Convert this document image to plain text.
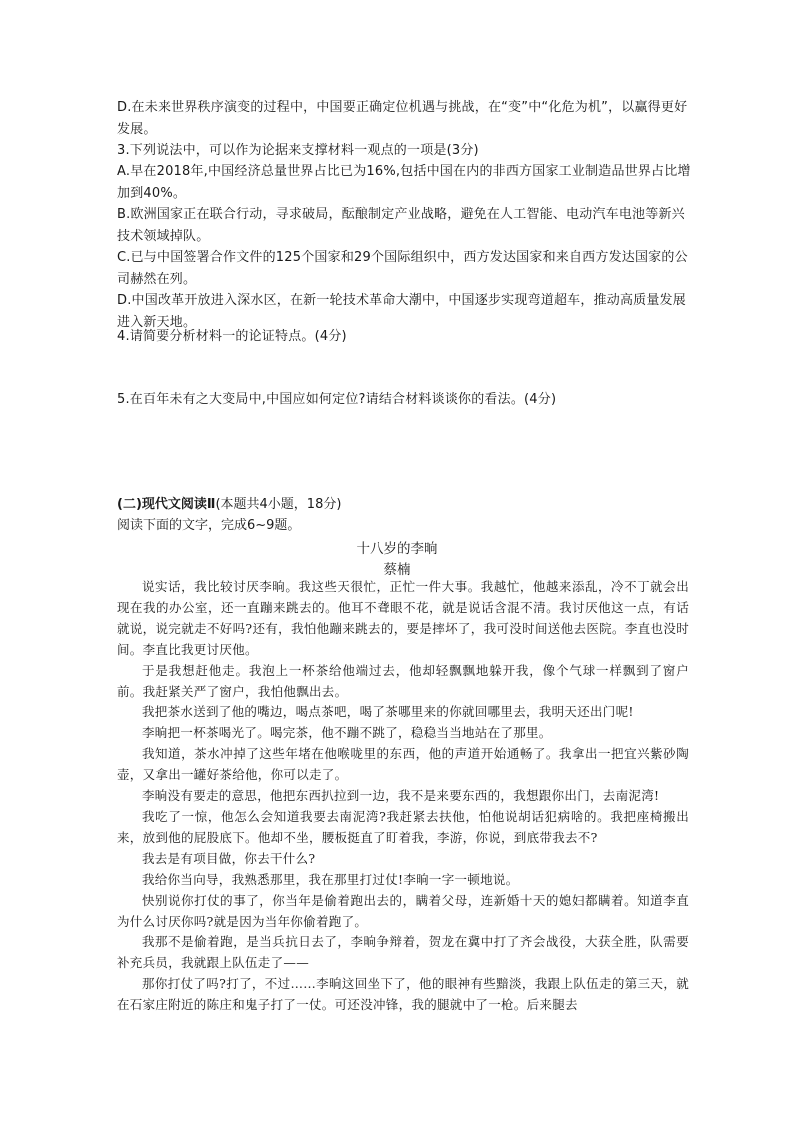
D.在未来世界秩序演变的过程中，中国要正确定位机遇与挑战，在“变”中“化危为机”，以赢得更好发展。
3.下列说法中，可以作为论据来支撑材料一观点的一项是(3分)
A.早在2018年,中国经济总量世界占比已为16%,包括中国在内的非西方国家工业制造品世界占比增加到40%。
B.欧洲国家正在联合行动，寻求破局，酝酿制定产业战略，避免在人工智能、电动汽车电池等新兴技术领域掉队。
C.已与中国签署合作文件的125个国家和29个国际组织中，西方发达国家和来自西方发达国家的公司赫然在列。
D.中国改革开放进入深水区，在新一轮技术革命大潮中，中国逐步实现弯道超车，推动高质量发展进入新天地。
4.请简要分析材料一的论证特点。(4分)
5.在百年未有之大变局中,中国应如何定位?请结合材料谈谈你的看法。(4分)
(二)现代文阅读Ⅱ(本题共4小题，18分)
阅读下面的文字，完成6~9题。
十八岁的李晌
蔡楠

说实话，我比较讨厌李晌。我这些天很忙，正忙一件大事。我越忙，他越来添乱，冷不丁就会出现在我的办公室，还一直蹦来跳去的。他耳不聋眼不花，就是说话含混不清。我讨厌他这一点，有话就说，说完就走不好吗?还有，我怕他蹦来跳去的，要是摔坏了，我可没时间送他去医院。李直也没时间。李直比我更讨厌他。

于是我想赶他走。我泡上一杯茶给他端过去，他却轻飘飘地躲开我，像个气球一样飘到了窗户前。我赶紧关严了窗户，我怕他飘出去。

我把茶水送到了他的嘴边，喝点茶吧，喝了茶哪里来的你就回哪里去，我明天还出门呢!

李晌把一杯茶喝光了。喝完茶，他不蹦不跳了，稳稳当当地站在了那里。

我知道，茶水冲掉了这些年堵在他喉咙里的东西，他的声道开始通畅了。我拿出一把宜兴紫砂陶壶，又拿出一罐好茶给他，你可以走了。

李晌没有要走的意思，他把东西扒拉到一边，我不是来要东西的，我想跟你出门，去南泥湾!

我吃了一惊，他怎么会知道我要去南泥湾?我赶紧去扶他，怕他说胡话犯病啥的。我把座椅搬出来，放到他的屁股底下。他却不坐，腰板挺直了盯着我，李游，你说，到底带我去不?

我去是有项目做，你去干什么?

我给你当向导，我熟悉那里，我在那里打过仗!李晌一字一顿地说。

快别说你打仗的事了，你当年是偷着跑出去的，瞒着父母，连新婚十天的媳妇都瞒着。知道李直为什么讨厌你吗?就是因为当年你偷着跑了。

我那不是偷着跑，是当兵抗日去了，李晌争辩着，贺龙在冀中打了齐会战役，大获全胜，队需要补充兵员，我就跟上队伍走了——

那你打仗了吗?打了，不过……李晌这回坐下了，他的眼神有些黯淡，我跟上队伍走的第三天，就在石家庄附近的陈庄和鬼子打了一仗。可还没冲锋，我的腿就中了一枪。后来腿去
